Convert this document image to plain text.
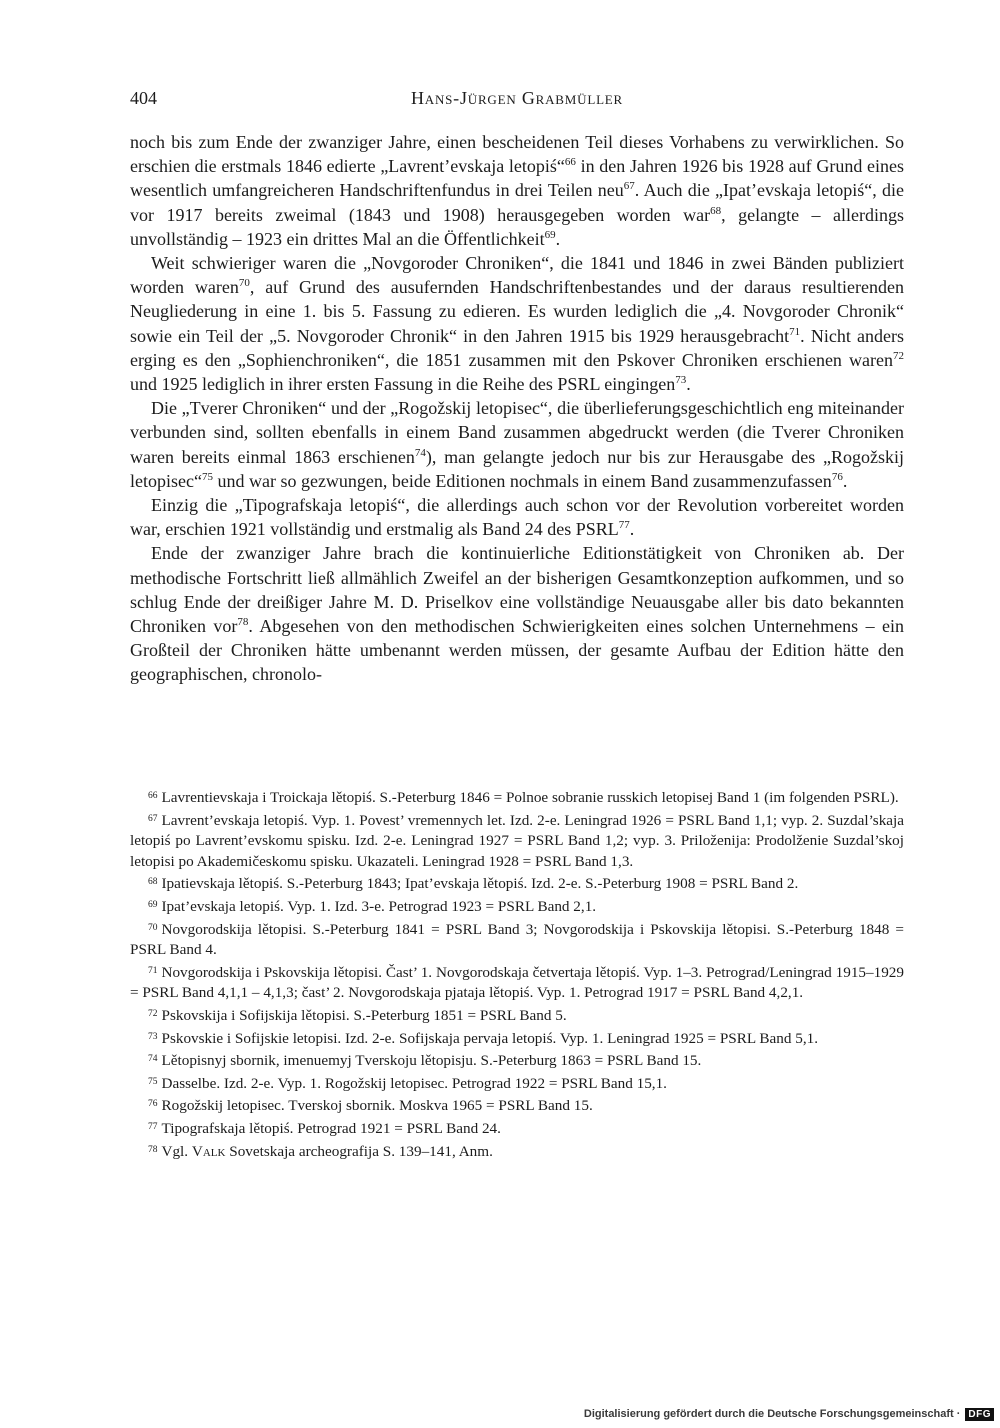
404	Hans-Jürgen Grabmüller

noch bis zum Ende der zwanziger Jahre, einen bescheidenen Teil dieses Vorhabens zu verwirklichen. So erschien die erstmals 1846 edierte „Lavrent’evskaja letopiś“$^{66}$ in den Jahren 1926 bis 1928 auf Grund eines wesentlich umfangreicheren Handschriftenfundus in drei Teilen neu$^{67}$. Auch die „Ipat’evskaja letopiś“, die vor 1917 bereits zweimal (1843 und 1908) herausgegeben worden war$^{68}$, gelangte – allerdings unvollständig – 1923 ein drittes Mal an die Öffentlichkeit$^{69}$.

Weit schwieriger waren die „Novgoroder Chroniken“, die 1841 und 1846 in zwei Bänden publiziert worden waren$^{70}$, auf Grund des ausufernden Handschriftenbestandes und der daraus resultierenden Neugliederung in eine 1. bis 5. Fassung zu edieren. Es wurden lediglich die „4. Novgoroder Chronik“ sowie ein Teil der „5. Novgoroder Chronik“ in den Jahren 1915 bis 1929 herausgebracht$^{71}$. Nicht anders erging es den „Sophienchroniken“, die 1851 zusammen mit den Pskover Chroniken erschienen waren$^{72}$ und 1925 lediglich in ihrer ersten Fassung in die Reihe des PSRL eingingen$^{73}$.

Die „Tverer Chroniken“ und der „Rogožskij letopisec“, die überlieferungsgeschichtlich eng miteinander verbunden sind, sollten ebenfalls in einem Band zusammen abgedruckt werden (die Tverer Chroniken waren bereits einmal 1863 erschienen$^{74}$), man gelangte jedoch nur bis zur Herausgabe des „Rogožskij letopisec“$^{75}$ und war so gezwungen, beide Editionen nochmals in einem Band zusammenzufassen$^{76}$.

Einzig die „Tipografskaja letopiś“, die allerdings auch schon vor der Revolution vorbereitet worden war, erschien 1921 vollständig und erstmalig als Band 24 des PSRL$^{77}$.

Ende der zwanziger Jahre brach die kontinuierliche Editionstätigkeit von Chroniken ab. Der methodische Fortschritt ließ allmählich Zweifel an der bisherigen Gesamtkonzeption aufkommen, und so schlug Ende der dreißiger Jahre M. D. Priselkov eine vollständige Neuausgabe aller bis dato bekannten Chroniken vor$^{78}$. Abgesehen von den methodischen Schwierigkeiten eines solchen Unternehmens – ein Großteil der Chroniken hätte umbenannt werden müssen, der gesamte Aufbau der Edition hätte den geographischen, chronolo-

$^{66}$ Lavrentievskaja i Troickaja lětopiś. S.-Peterburg 1846 = Polnoe sobranie russkich letopisej Band 1 (im folgenden PSRL).

$^{67}$ Lavrent’evskaja letopiś. Vyp. 1. Povest’ vremennych let. Izd. 2-e. Leningrad 1926 = PSRL Band 1,1; vyp. 2. Suzdal’skaja letopiś po Lavrent’evskomu spisku. Izd. 2-e. Leningrad 1927 = PSRL Band 1,2; vyp. 3. Priloženija: Prodolženie Suzdal’skoj letopisi po Akademičeskomu spisku. Ukazateli. Leningrad 1928 = PSRL Band 1,3.

$^{68}$ Ipatievskaja lětopiś. S.-Peterburg 1843; Ipat’evskaja lětopiś. Izd. 2-e. S.-Peterburg 1908 = PSRL Band 2.

$^{69}$ Ipat’evskaja letopiś. Vyp. 1. Izd. 3-e. Petrograd 1923 = PSRL Band 2,1.

$^{70}$ Novgorodskija lětopisi. S.-Peterburg 1841 = PSRL Band 3; Novgorodskija i Pskovskija lětopisi. S.-Peterburg 1848 = PSRL Band 4.

$^{71}$ Novgorodskija i Pskovskija lětopisi. Čast’ 1. Novgorodskaja četvertaja lětopiś. Vyp. 1–3. Petrograd/Leningrad 1915–1929 = PSRL Band 4,1,1 – 4,1,3; čast’ 2. Novgorodskaja pjataja lětopiś. Vyp. 1. Petrograd 1917 = PSRL Band 4,2,1.

$^{72}$ Pskovskija i Sofijskija lětopisi. S.-Peterburg 1851 = PSRL Band 5.

$^{73}$ Pskovskie i Sofijskie letopisi. Izd. 2-e. Sofijskaja pervaja letopiś. Vyp. 1. Leningrad 1925 = PSRL Band 5,1.

$^{74}$ Lětopisnyj sbornik, imenuemyj Tverskoju lětopisju. S.-Peterburg 1863 = PSRL Band 15.

$^{75}$ Dasselbe. Izd. 2-e. Vyp. 1. Rogožskij letopisec. Petrograd 1922 = PSRL Band 15,1.

$^{76}$ Rogožskij letopisec. Tverskoj sbornik. Moskva 1965 = PSRL Band 15.

$^{77}$ Tipografskaja lětopiś. Petrograd 1921 = PSRL Band 24.

$^{78}$ Vgl. Valk Sovetskaja archeografija S. 139–141, Anm.

Digitalisierung gefördert durch die Deutsche Forschungsgemeinschaft · DFG
